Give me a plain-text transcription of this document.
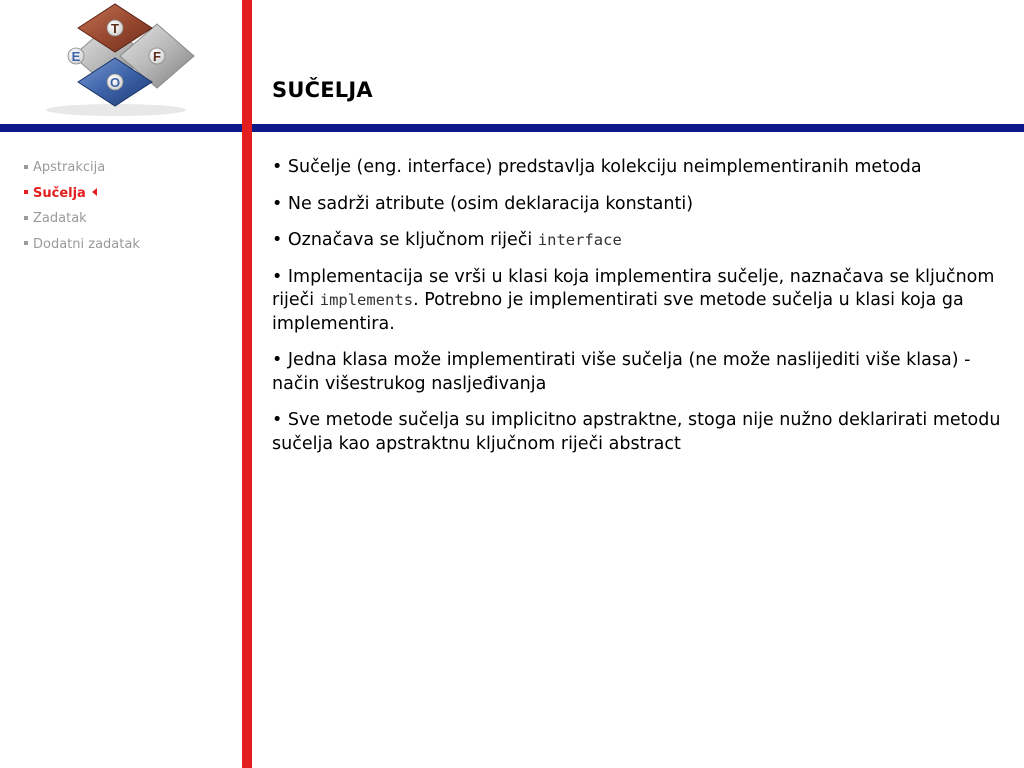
T
E	F
O	SUČELJA
Apstrakcija
Sučelja
Zadatak
Dodatni zadatak

• Sučelje (eng. interface) predstavlja kolekciju neimplementiranih metoda

• Ne sadrži atribute (osim deklaracija konstanti)

• Označava se ključnom riječi interface

• Implementacija se vrši u klasi koja implementira sučelje, naznačava se ključnom riječi implements. Potrebno je implementirati sve metode sučelja u klasi koja ga implementira.

• Jedna klasa može implementirati više sučelja (ne može naslijediti više klasa) - način višestrukog nasljeđivanja

• Sve metode sučelja su implicitno apstraktne, stoga nije nužno deklarirati metodu sučelja kao apstraktnu ključnom riječi abstract
